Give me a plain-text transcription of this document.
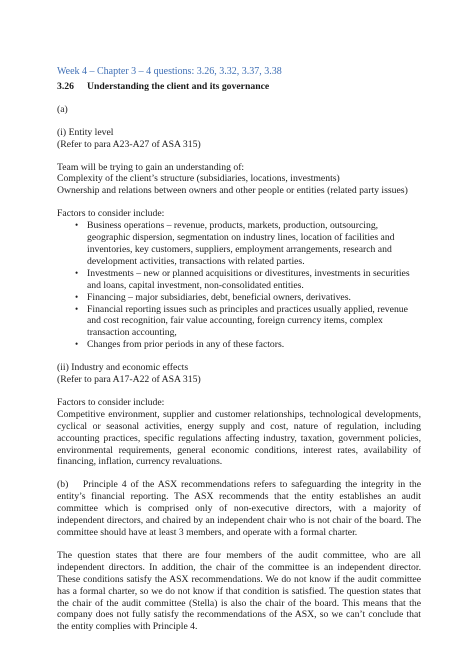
Week 4 – Chapter 3 – 4 questions: 3.26, 3.32, 3.37, 3.38
3.26 Understanding the client and its governance

(a)

(i) Entity level
(Refer to para A23-A27 of ASA 315)

Team will be trying to gain an understanding of:
Complexity of the client’s structure (subsidiaries, locations, investments)
Ownership and relations between owners and other people or entities (related party issues)

Factors to consider include:
• Business operations – revenue, products, markets, production, outsourcing, geographic dispersion, segmentation on industry lines, location of facilities and inventories, key customers, suppliers, employment arrangements, research and development activities, transactions with related parties.
• Investments – new or planned acquisitions or divestitures, investments in securities and loans, capital investment, non-consolidated entities.
• Financing – major subsidiaries, debt, beneficial owners, derivatives.
• Financial reporting issues such as principles and practices usually applied, revenue and cost recognition, fair value accounting, foreign currency items, complex transaction accounting,
• Changes from prior periods in any of these factors.

(ii) Industry and economic effects
(Refer to para A17-A22 of ASA 315)

Factors to consider include:

Competitive environment, supplier and customer relationships, technological developments, cyclical or seasonal activities, energy supply and cost, nature of regulation, including accounting practices, specific regulations affecting industry, taxation, government policies, environmental requirements, general economic conditions, interest rates, availability of financing, inflation, currency revaluations.

(b)  Principle 4 of the ASX recommendations refers to safeguarding the integrity in the entity’s financial reporting. The ASX recommends that the entity establishes an audit committee which is comprised only of non-executive directors, with a majority of independent directors, and chaired by an independent chair who is not chair of the board. The committee should have at least 3 members, and operate with a formal charter.

The question states that there are four members of the audit committee, who are all independent directors. In addition, the chair of the committee is an independent director. These conditions satisfy the ASX recommendations. We do not know if the audit committee has a formal charter, so we do not know if that condition is satisfied. The question states that the chair of the audit committee (Stella) is also the chair of the board. This means that the company does not fully satisfy the recommendations of the ASX, so we can’t conclude that the entity complies with Principle 4.
